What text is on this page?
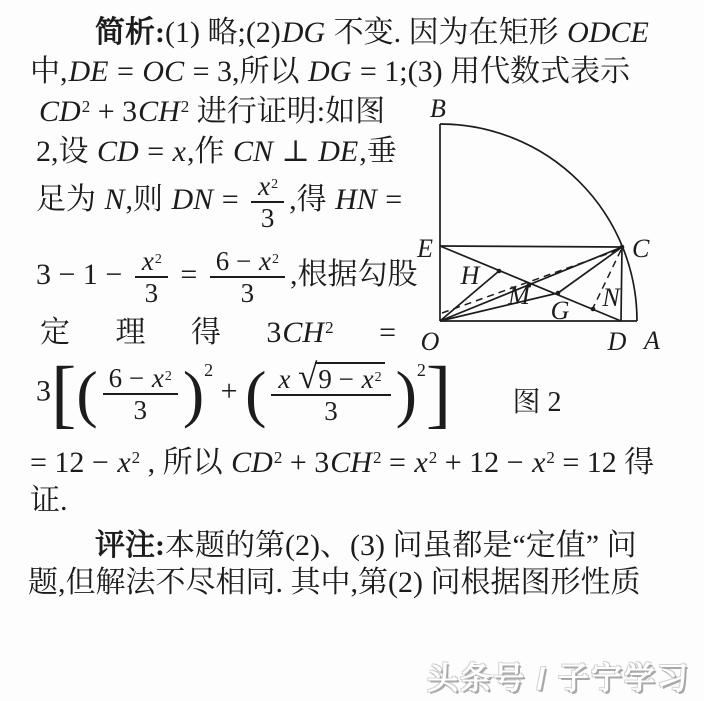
简析:(1) 略;(2)DG 不变. 因为在矩形 ODCE
中,DE = OC = 3,所以 DG = 1;(3) 用代数式表示
$CD^2 + 3CH^2$ 进行证明:如图
2,设 CD = x,作 CN ⊥ DE,垂
足为 N,则 DN = $\frac{x^2}{3}$ ,得 HN =
$3 - 1 - \frac{x^2}{3} = \frac{6 - x^2}{3}$ ,根据勾股
定 理 得 $3CH^2$ =
$3[( \frac{6 - x^2}{3} )^2$ + ( $\frac{x √ 9 - x^2}{3} )^2$]
= $12 - x^2$ , 所以 $CD^2 + 3CH^2 = x^2 + 12 - x^2 = 12$ 得
证.
评注:本题的第(2)、(3) 问虽都是“定值” 问
题,但解法不尽相同. 其中,第(2) 问根据图形性质
B
E	C
O	D A
H
M
G N
图 2
头条号 / 子宁学习
